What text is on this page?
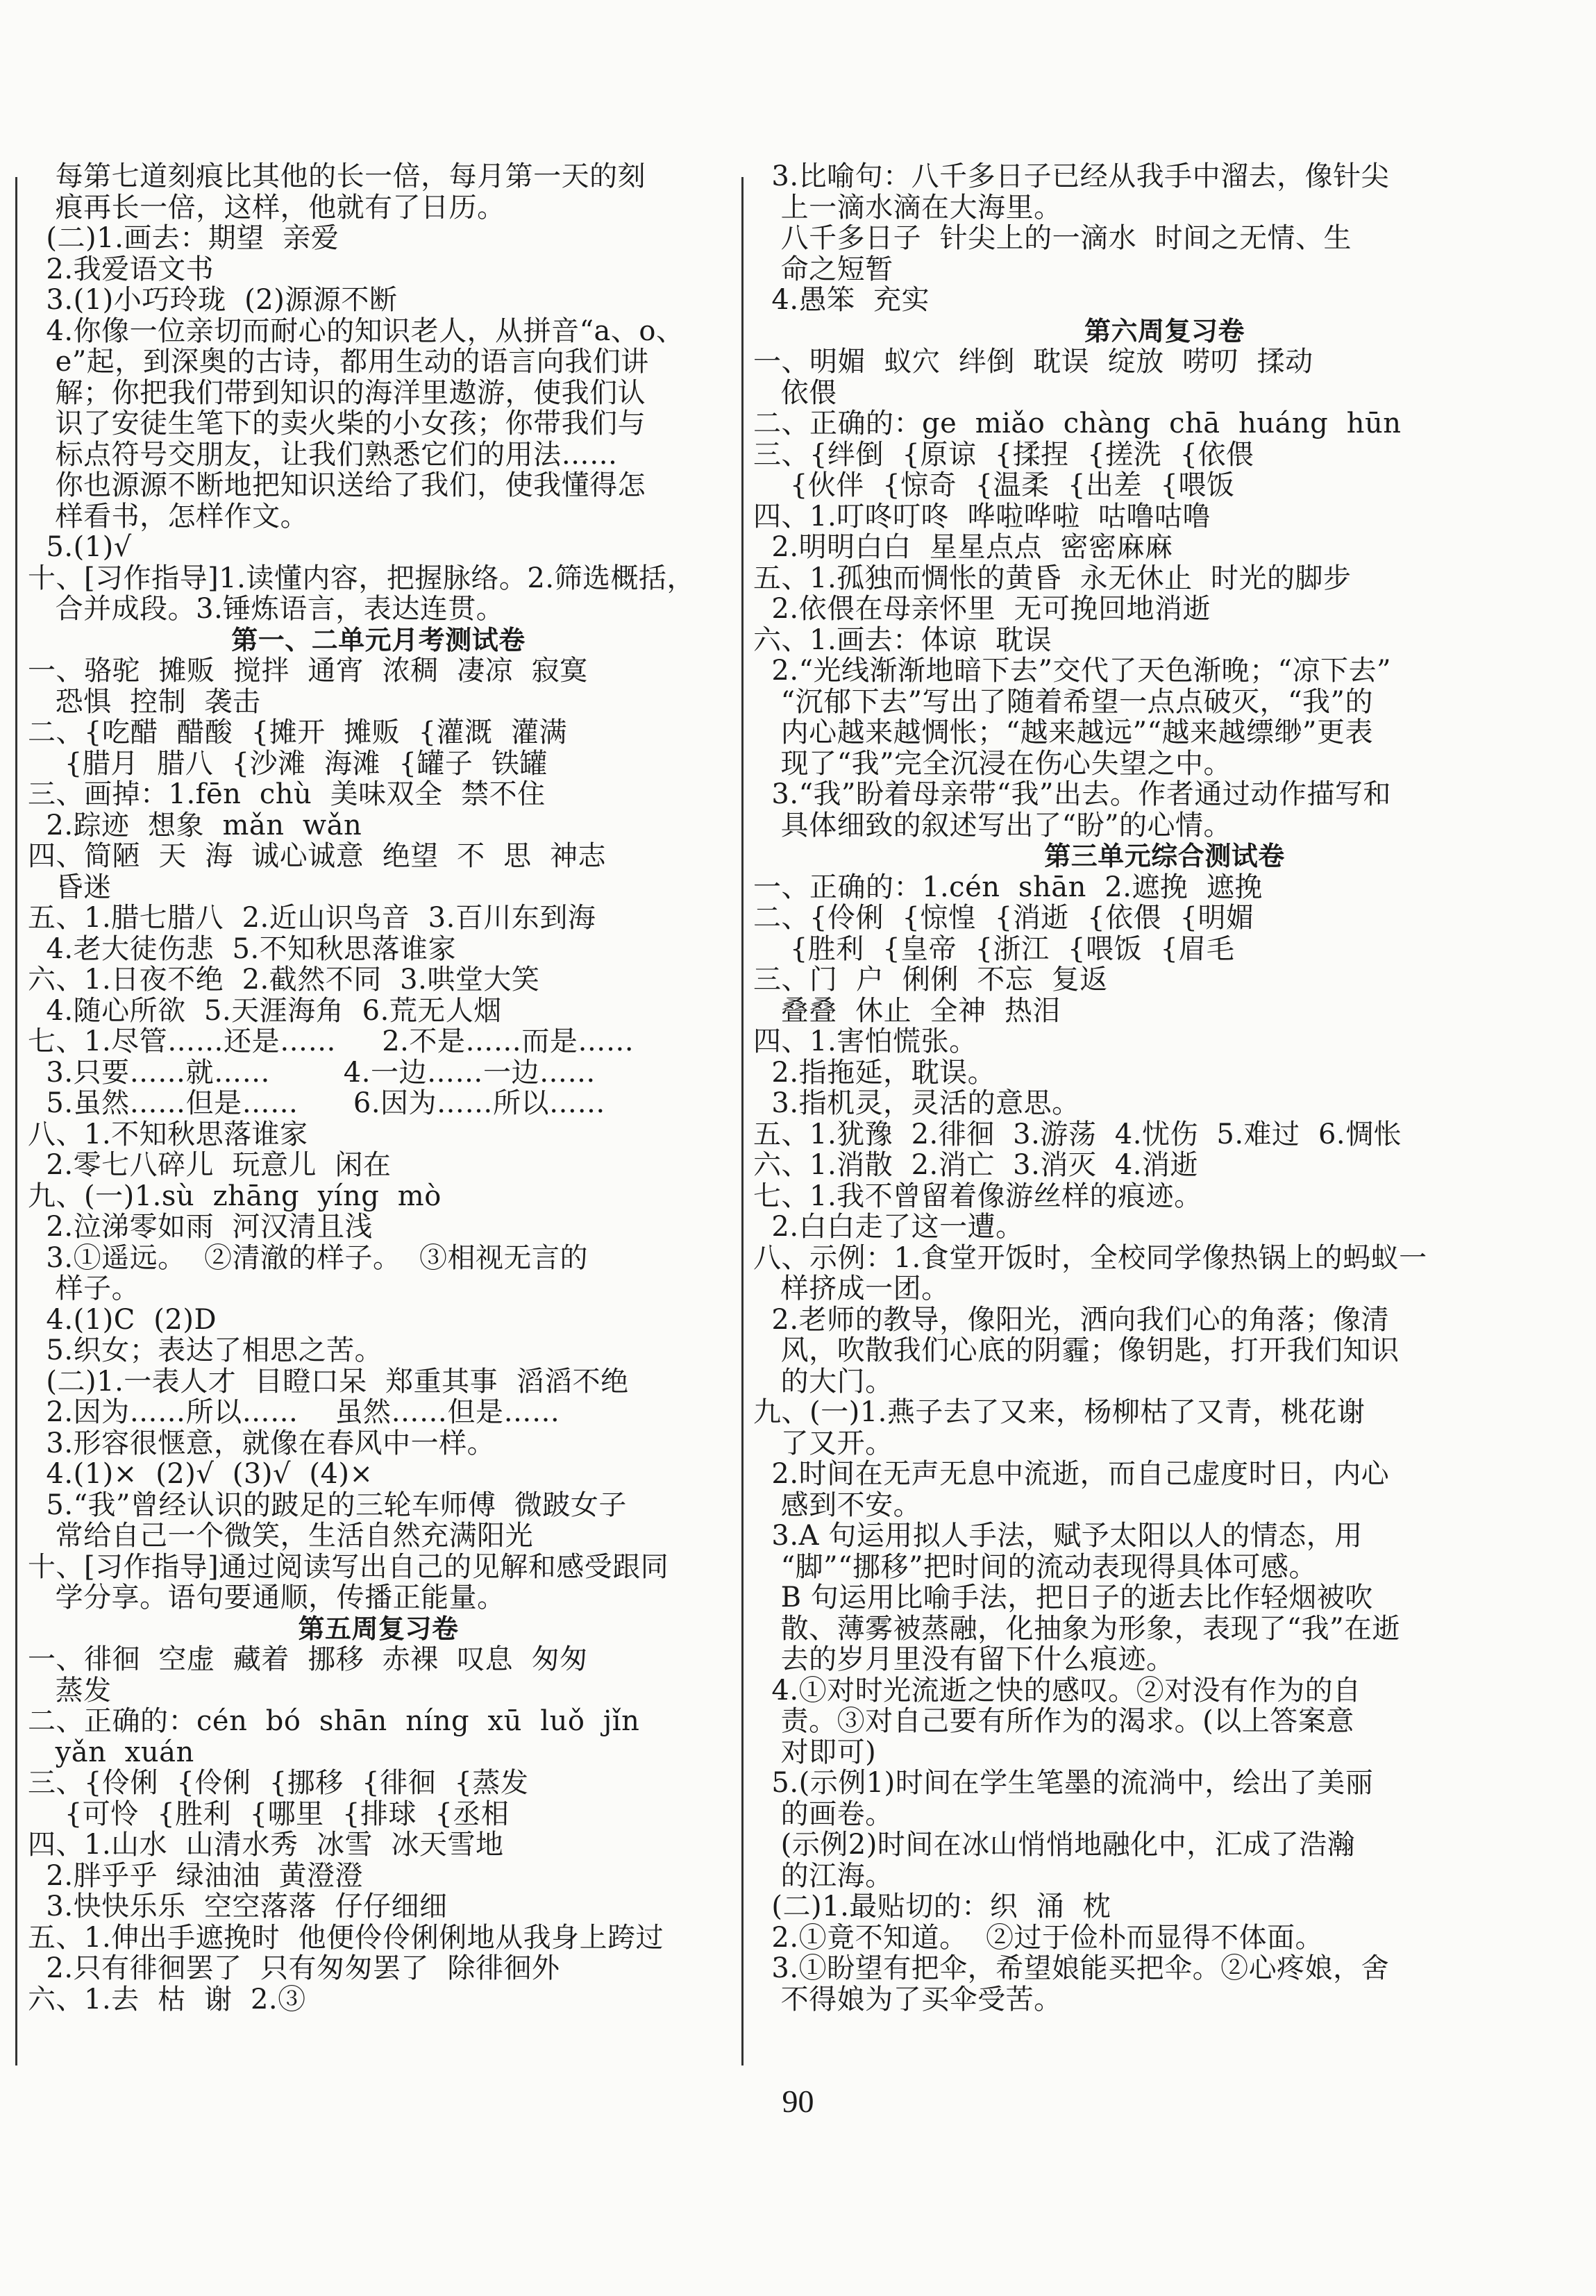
每第七道刻痕比其他的长一倍，每月第一天的刻
痕再长一倍，这样，他就有了日历。
(二)1.画去：期望  亲爱
2.我爱语文书
3.(1)小巧玲珑  (2)源源不断
4.你像一位亲切而耐心的知识老人，从拼音“a、o、
e”起，到深奥的古诗，都用生动的语言向我们讲
解；你把我们带到知识的海洋里遨游，使我们认
识了安徒生笔下的卖火柴的小女孩；你带我们与
标点符号交朋友，让我们熟悉它们的用法……
你也源源不断地把知识送给了我们，使我懂得怎
样看书，怎样作文。
5.(1)√
十、[习作指导]1.读懂内容，把握脉络。2.筛选概括，
合并成段。3.锤炼语言，表达连贯。
第一、二单元月考测试卷
一、骆驼  摊贩  搅拌  通宵  浓稠  凄凉  寂寞
恐惧  控制  袭击
二、{吃醋  醋酸  {摊开  摊贩  {灌溉  灌满
{腊月  腊八  {沙滩  海滩  {罐子  铁罐
三、画掉：1.fēn  chù  美味双全  禁不住
2.踪迹  想象  mǎn  wǎn
四、简陋  天  海  诚心诚意  绝望  不  思  神志
昏迷
五、1.腊七腊八  2.近山识鸟音  3.百川东到海
4.老大徒伤悲  5.不知秋思落谁家
六、1.日夜不绝  2.截然不同  3.哄堂大笑
4.随心所欲  5.天涯海角  6.荒无人烟
七、1.尽管……还是……     2.不是……而是……
3.只要……就……        4.一边……一边……
5.虽然……但是……      6.因为……所以……
八、1.不知秋思落谁家
2.零七八碎儿  玩意儿  闲在
九、(一)1.sù  zhāng  yíng  mò
2.泣涕零如雨  河汉清且浅
3.①遥远。  ②清澈的样子。  ③相视无言的
样子。
4.(1)C  (2)D
5.织女；表达了相思之苦。
(二)1.一表人才  目瞪口呆  郑重其事  滔滔不绝
2.因为……所以……    虽然……但是……
3.形容很惬意，就像在春风中一样。
4.(1)×  (2)√  (3)√  (4)×
5.“我”曾经认识的跛足的三轮车师傅  微跛女子
常给自己一个微笑，生活自然充满阳光
十、[习作指导]通过阅读写出自己的见解和感受跟同
学分享。语句要通顺，传播正能量。
第五周复习卷
一、徘徊  空虚  藏着  挪移  赤裸  叹息  匆匆
蒸发
二、正确的：cén  bó  shān  níng  xū  luǒ  jǐn
yǎn  xuán
三、{伶俐  {伶俐  {挪移  {徘徊  {蒸发
{可怜  {胜利  {哪里  {排球  {丞相
四、1.山水  山清水秀  冰雪  冰天雪地
2.胖乎乎  绿油油  黄澄澄
3.快快乐乐  空空落落  仔仔细细
五、1.伸出手遮挽时  他便伶伶俐俐地从我身上跨过
2.只有徘徊罢了  只有匆匆罢了  除徘徊外
六、1.去  枯  谢  2.③
3.比喻句：八千多日子已经从我手中溜去，像针尖
上一滴水滴在大海里。
八千多日子  针尖上的一滴水  时间之无情、生
命之短暂
4.愚笨  充实
第六周复习卷
一、明媚  蚁穴  绊倒  耽误  绽放  唠叨  揉动
依偎
二、正确的：ge  miǎo  chàng  chā  huáng  hūn
三、{绊倒  {原谅  {揉捏  {搓洗  {依偎
{伙伴  {惊奇  {温柔  {出差  {喂饭
四、1.叮咚叮咚  哗啦哗啦  咕噜咕噜
2.明明白白  星星点点  密密麻麻
五、1.孤独而惆怅的黄昏  永无休止  时光的脚步
2.依偎在母亲怀里  无可挽回地消逝
六、1.画去：体谅  耽误
2.“光线渐渐地暗下去”交代了天色渐晚；“凉下去”
“沉郁下去”写出了随着希望一点点破灭，“我”的
内心越来越惆怅；“越来越远”“越来越缥缈”更表
现了“我”完全沉浸在伤心失望之中。
3.“我”盼着母亲带“我”出去。作者通过动作描写和
具体细致的叙述写出了“盼”的心情。
第三单元综合测试卷
一、正确的：1.cén  shān  2.遮挽  遮挽
二、{伶俐  {惊惶  {消逝  {依偎  {明媚
{胜利  {皇帝  {浙江  {喂饭  {眉毛
三、门  户  俐俐  不忘  复返
叠叠  休止  全神  热泪
四、1.害怕慌张。
2.指拖延，耽误。
3.指机灵，灵活的意思。
五、1.犹豫  2.徘徊  3.游荡  4.忧伤  5.难过  6.惆怅
六、1.消散  2.消亡  3.消灭  4.消逝
七、1.我不曾留着像游丝样的痕迹。
2.白白走了这一遭。
八、示例：1.食堂开饭时，全校同学像热锅上的蚂蚁一
样挤成一团。
2.老师的教导，像阳光，洒向我们心的角落；像清
风，吹散我们心底的阴霾；像钥匙，打开我们知识
的大门。
九、(一)1.燕子去了又来，杨柳枯了又青，桃花谢
了又开。
2.时间在无声无息中流逝，而自己虚度时日，内心
感到不安。
3.A 句运用拟人手法，赋予太阳以人的情态，用
“脚”“挪移”把时间的流动表现得具体可感。
B 句运用比喻手法，把日子的逝去比作轻烟被吹
散、薄雾被蒸融，化抽象为形象，表现了“我”在逝
去的岁月里没有留下什么痕迹。
4.①对时光流逝之快的感叹。②对没有作为的自
责。③对自己要有所作为的渴求。(以上答案意
对即可)
5.(示例1)时间在学生笔墨的流淌中，绘出了美丽
的画卷。
(示例2)时间在冰山悄悄地融化中，汇成了浩瀚
的江海。
(二)1.最贴切的：织  涌  枕
2.①竟不知道。  ②过于俭朴而显得不体面。
3.①盼望有把伞，希望娘能买把伞。②心疼娘，舍
不得娘为了买伞受苦。
90
